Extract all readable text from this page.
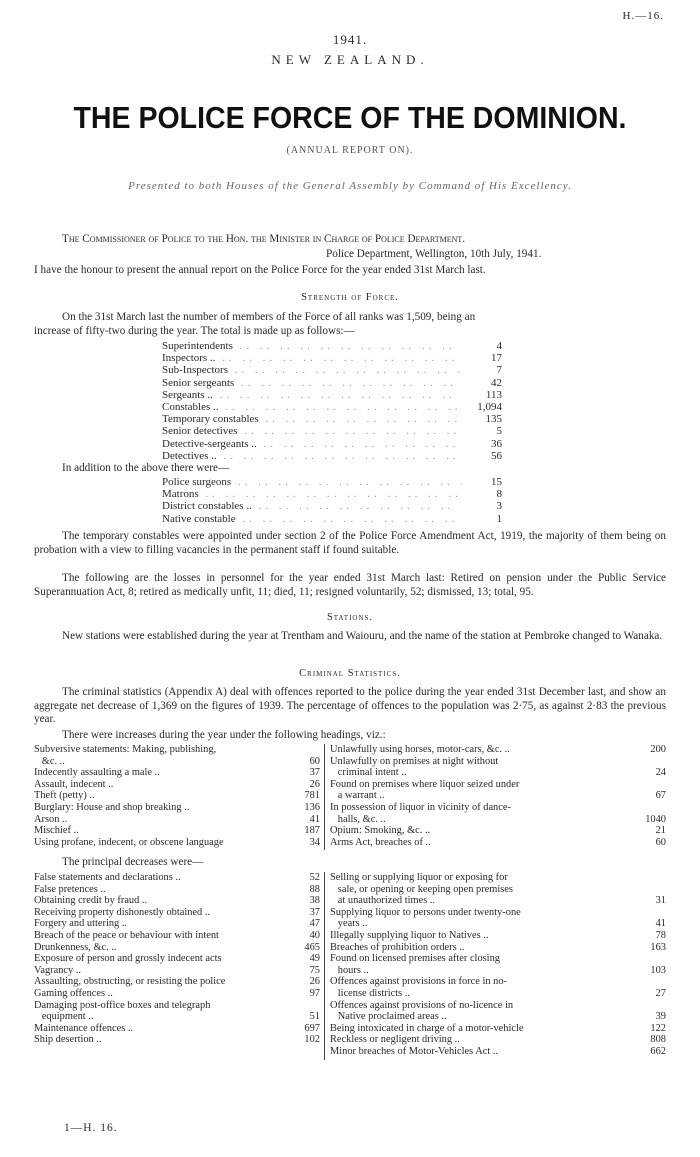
H.—16.
1941.
NEW ZEALAND.
THE POLICE FORCE OF THE DOMINION.
(ANNUAL REPORT ON).
Presented to both Houses of the General Assembly by Command of His Excellency.
The Commissioner of Police to the Hon. the Minister in Charge of Police Department.
Police Department, Wellington, 10th July, 1941.
I have the honour to present the annual report on the Police Force for the year ended 31st March last.
Strength of Force.
On the 31st March last the number of members of the Force of all ranks was 1,509, being an
increase of fifty-two during the year. The total is made up as follows:—
Superintendents .. ..	4
Inspectors .. .. ..	17
Sub-Inspectors .. ..	7
Senior sergeants .. ..	42
Sergeants .. .. ..	113
Constables .. .. ..	1,094
Temporary constables .. ..	135
Senior detectives .. ..	5
Detective-sergeants .. .. ..	36
Detectives .. .. ..	56
In addition to the above there were—
Police surgeons .. ..	15
Matrons .. ..	8
District constables .. .. ..	3
Native constable .. ..	1
The temporary constables were appointed under section 2 of the Police Force Amendment Act, 1919, the majority of them being on probation with a view to filling vacancies in the permanent staff if found suitable.
The following are the losses in personnel for the year ended 31st March last: Retired on pension under the Public Service Superannuation Act, 8; retired as medically unfit, 11; died, 11; resigned voluntarily, 52; dismissed, 13; total, 95.
Stations.
New stations were established during the year at Trentham and Waiouru, and the name of the station at Pembroke changed to Wanaka.
Criminal Statistics.
The criminal statistics (Appendix A) deal with offences reported to the police during the year ended 31st December last, and show an aggregate net decrease of 1,369 on the figures of 1939. The percentage of offences to the population was 2·75, as against 2·83 the previous year.
There were increases during the year under the following headings, viz.:
Subversive statements: Making, publishing,
&c. ..	60
Indecently assaulting a male ..	37
Assault, indecent ..	26
Theft (petty) ..	781
Burglary: House and shop breaking ..	136
Arson ..	41
Mischief ..	187
Using profane, indecent, or obscene language	34
Unlawfully using horses, motor-cars, &c. ..	200
Unlawfully on premises at night without
criminal intent ..	24
Found on premises where liquor seized under
a warrant ..	67
In possession of liquor in vicinity of dance-
halls, &c. ..	1040
Opium: Smoking, &c. ..	21
Arms Act, breaches of ..	60
The principal decreases were—
False statements and declarations ..	52
False pretences ..	88
Obtaining credit by fraud ..	38
Receiving property dishonestly obtained ..	37
Forgery and uttering ..	47
Breach of the peace or behaviour with intent	40
Drunkenness, &c. ..	465
Exposure of person and grossly indecent acts	49
Vagrancy ..	75
Assaulting, obstructing, or resisting the police	26
Gaming offences ..	97
Damaging post-office boxes and telegraph
equipment ..	51
Maintenance offences ..	697
Ship desertion ..	102
Selling or supplying liquor or exposing for
sale, or opening or keeping open premises
at unauthorized times ..	31
Supplying liquor to persons under twenty-one
years ..	41
Illegally supplying liquor to Natives ..	78
Breaches of prohibition orders ..	163
Found on licensed premises after closing
hours ..	103
Offences against provisions in force in no-
license districts ..	27
Offences against provisions of no-licence in
Native proclaimed areas ..	39
Being intoxicated in charge of a motor-vehicle	122
Reckless or negligent driving ..	808
Minor breaches of Motor-Vehicles Act ..	662
1—H. 16.
